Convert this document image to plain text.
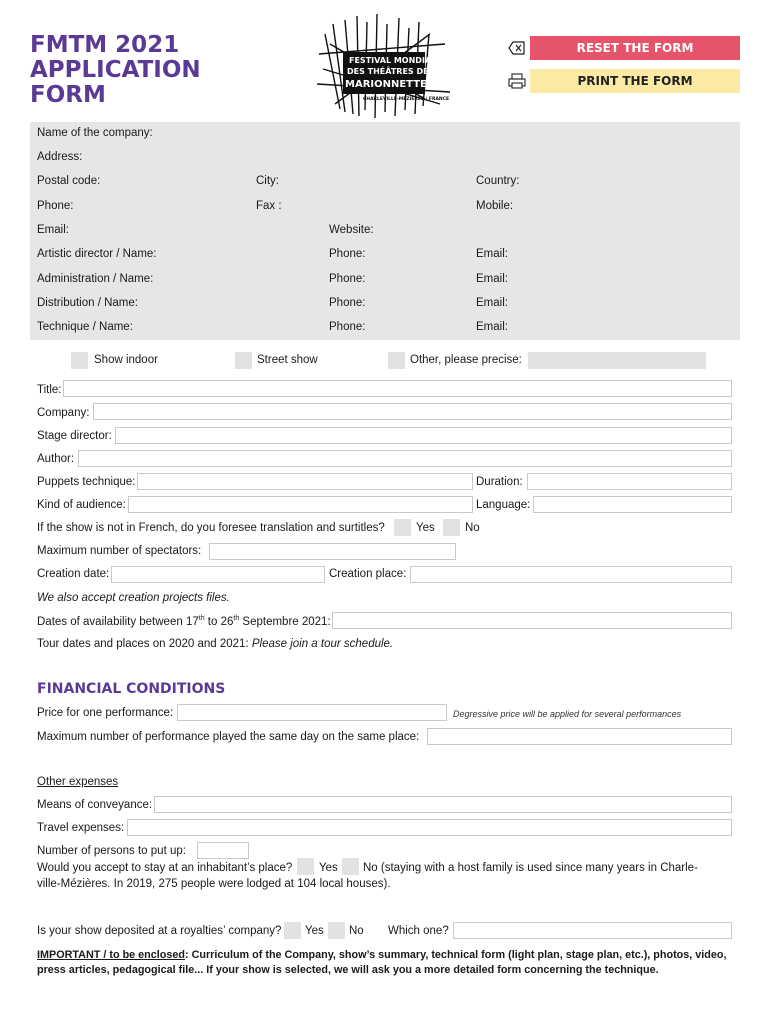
FMTM 2021 APPLICATION FORM
FESTIVAL MONDIAL
DES THÉÂTRES DE
MARIONNETTES
CHARLEVILLE-MÉZIÈRES | FRANCE
RESET THE FORM
PRINT THE FORM
Name of the company:
Address:
Postal code:	City:	Country:
Phone:	Fax :	Mobile:
Email:	Website:
Artistic director / Name:	Phone:	Email:
Administration / Name:	Phone:	Email:
Distribution / Name:	Phone:	Email:
Technique / Name:	Phone:	Email:
Show indoor	Street show	Other, please precise:
Title:
Company:
Stage director:
Author:
Puppets technique:	Duration:
Kind of audience:	Language:
If the show is not in French, do you foresee translation and surtitles?	Yes	No
Maximum number of spectators:
Creation date:	Creation place:
We also accept creation projects files.
Dates of availability between 17th to 26th Septembre 2021:
Tour dates and places on 2020 and 2021: Please join a tour schedule.
FINANCIAL CONDITIONS
Price for one performance:	Degressive price will be applied for several performances
Maximum number of performance played the same day on the same place:
Other expenses
Means of conveyance:
Travel expenses:
Number of persons to put up:
Would you accept to stay at an inhabitant’s place? Yes No (staying with a host family is used since many years in Charle-
ville-Mézières. In 2019, 275 people were lodged at 104 local houses).
Is your show deposited at a royalties’ company? Yes No Which one?
IMPORTANT / to be enclosed: Curriculum of the Company, show’s summary, technical form (light plan, stage plan, etc.), photos, video, press articles, pedagogical file... If your show is selected, we will ask you a more detailed form concerning the technique.
